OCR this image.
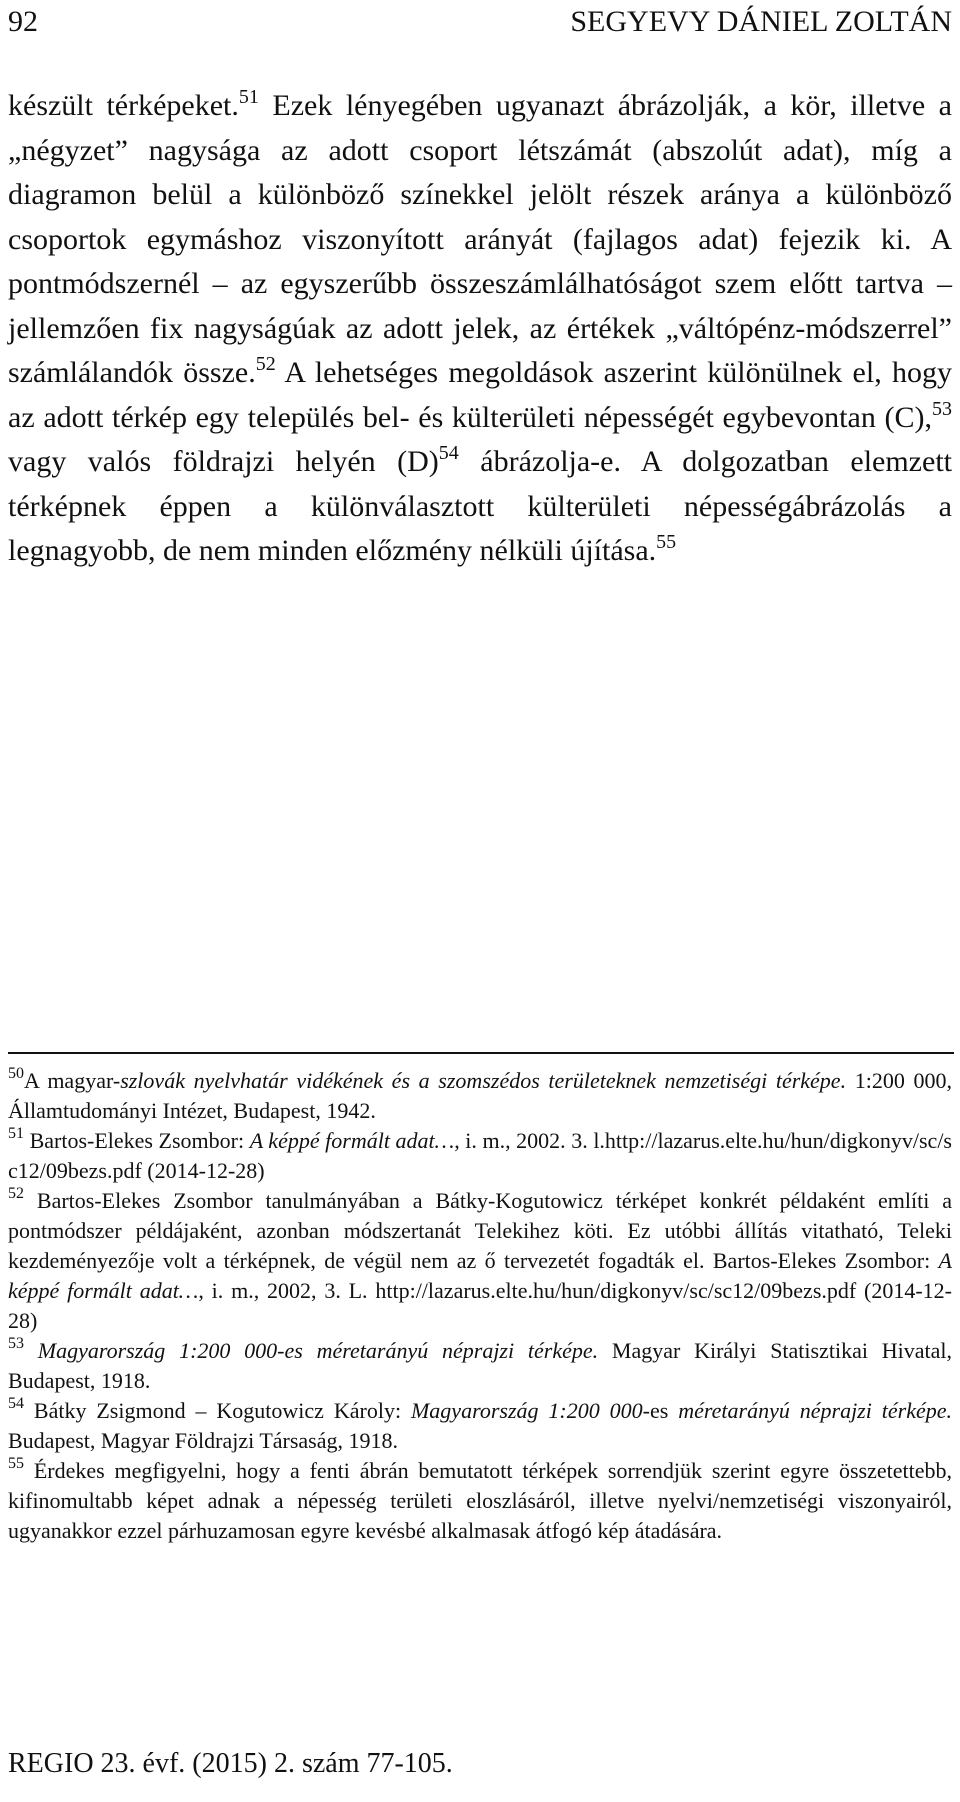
92	SEGYEVY DÁNIEL ZOLTÁN
készült térképeket.$^{51}$ Ezek lényegében ugyanazt ábrázolják, a kör, illetve a „négyzet” nagysága az adott csoport létszámát (abszolút adat), míg a diagramon belül a különböző színekkel jelölt részek aránya a különböző csoportok egymáshoz viszonyított arányát (fajlagos adat) fejezik ki. A pontmódszernél – az egyszerűbb összeszámlálhatóságot szem előtt tartva – jellemzően fix nagyságúak az adott jelek, az értékek „váltópénz-módszerrel” számlálandók össze.$^{52}$ A lehetséges megoldások aszerint különülnek el, hogy az adott térkép egy település bel- és külterületi népességét egybevontan (C),$^{53}$ vagy valós földrajzi helyén $(D)^{54}$ ábrázolja-e. A dolgozatban elemzett térképnek éppen a különválasztott külterületi népességábrázolás a legnagyobb, de nem minden előzmény nélküli újítása.$^{55}$

$^{50}$A magyar-szlovák nyelvhatár vidékének és a szomszédos területeknek nemzetiségi térképe. 1:200 000, Államtudományi Intézet, Budapest, 1942.

$^{51}$ Bartos-Elekes Zsombor: A képpé formált adat…, i. m., 2002. 3. l.http://lazarus.elte.hu/hun/digkonyv/sc/sc12/09bezs.pdf (2014-12-28)

$^{52}$ Bartos-Elekes Zsombor tanulmányában a Bátky-Kogutowicz térképet konkrét példaként említi a pontmódszer példájaként, azonban módszertanát Telekihez köti. Ez utóbbi állítás vitatható, Teleki kezdeményezője volt a térképnek, de végül nem az ő tervezetét fogadták el. Bartos-Elekes Zsombor: A képpé formált adat…, i. m., 2002, 3. L. http://lazarus.elte.hu/hun/digkonyv/sc/sc12/09bezs.pdf (2014-12-28)

$^{53}$ Magyarország 1:200 000-es méretarányú néprajzi térképe. Magyar Királyi Statisztikai Hivatal, Budapest, 1918.

$^{54}$ Bátky Zsigmond – Kogutowicz Károly: Magyarország 1:200 000-es méretarányú néprajzi térképe. Budapest, Magyar Földrajzi Társaság, 1918.

$^{55}$ Érdekes megfigyelni, hogy a fenti ábrán bemutatott térképek sorrendjük szerint egyre összetettebb, kifinomultabb képet adnak a népesség területi eloszlásáról, illetve nyelvi/nemzetiségi viszonyairól, ugyanakkor ezzel párhuzamosan egyre kevésbé alkalmasak átfogó kép átadására.

REGIO 23. évf. (2015) 2. szám 77-105.
